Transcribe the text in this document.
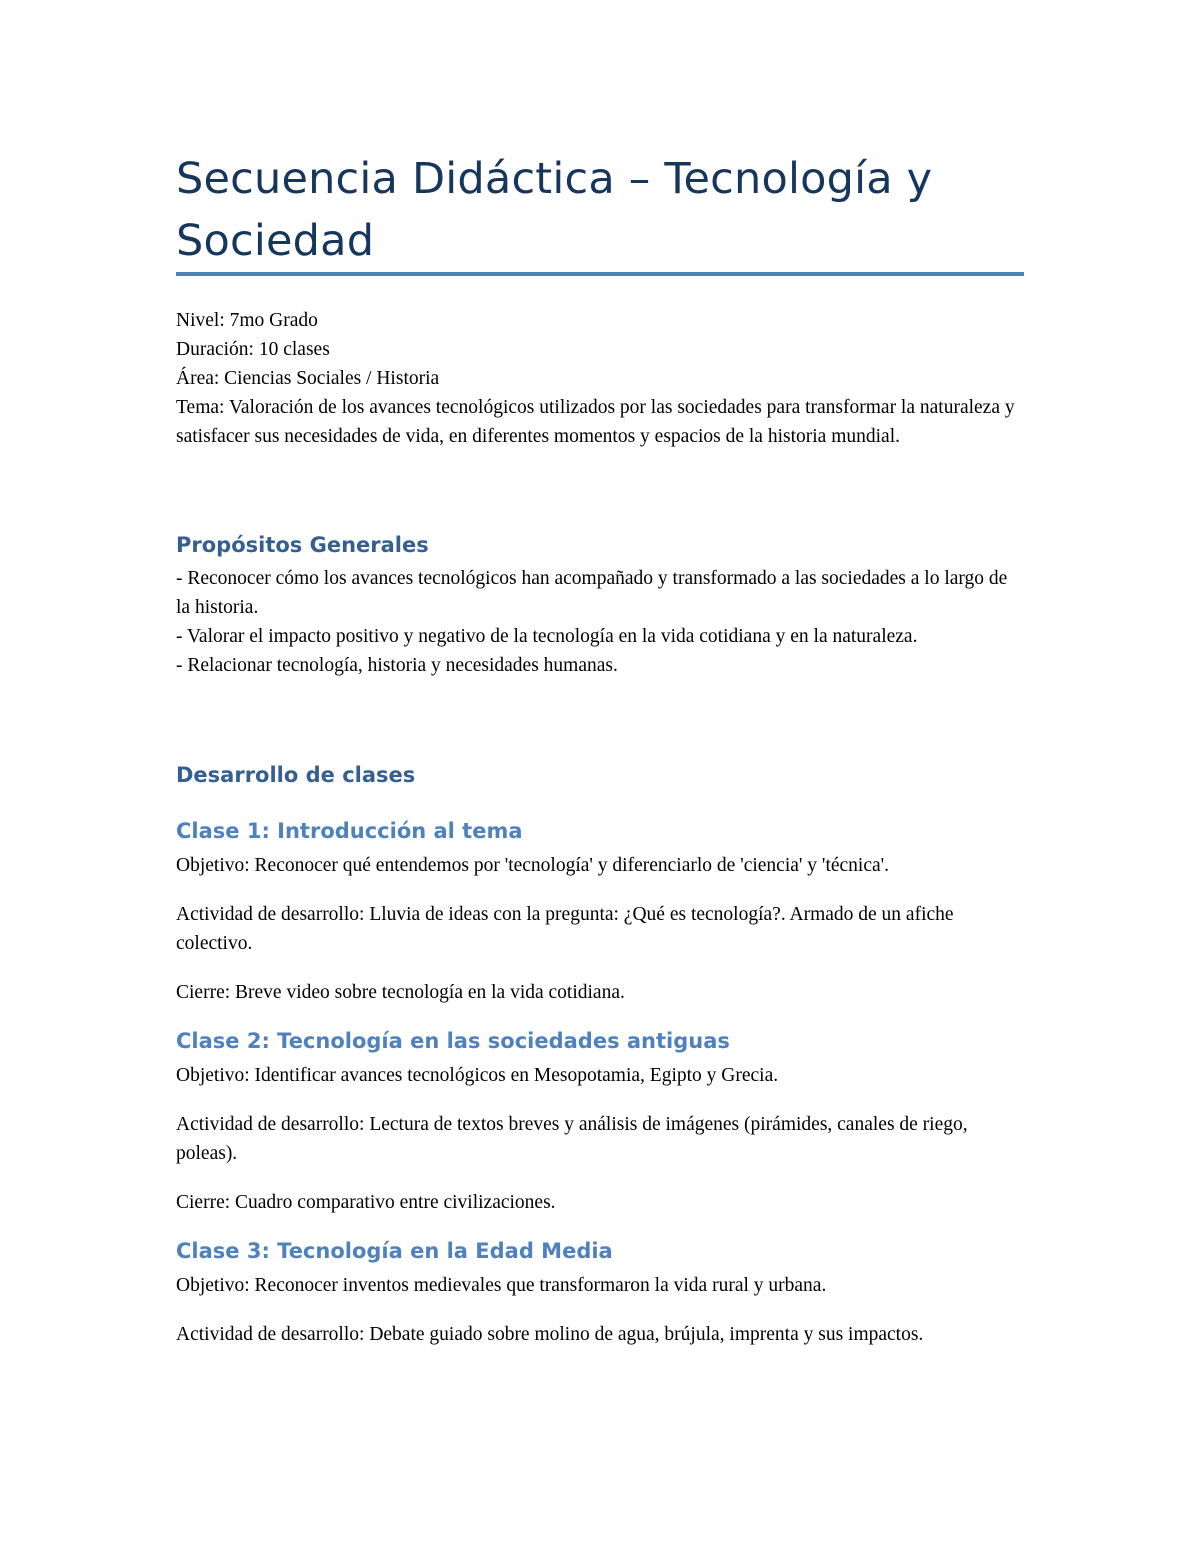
Secuencia Didáctica – Tecnología y Sociedad

Nivel: 7mo Grado

Duración: 10 clases

Área: Ciencias Sociales / Historia

Tema: Valoración de los avances tecnológicos utilizados por las sociedades para transformar la naturaleza y satisfacer sus necesidades de vida, en diferentes momentos y espacios de la historia mundial.

Propósitos Generales

- Reconocer cómo los avances tecnológicos han acompañado y transformado a las sociedades a lo largo de la historia.

- Valorar el impacto positivo y negativo de la tecnología en la vida cotidiana y en la naturaleza.

- Relacionar tecnología, historia y necesidades humanas.

Desarrollo de clases
Clase 1: Introducción al tema

Objetivo: Reconocer qué entendemos por 'tecnología' y diferenciarlo de 'ciencia' y 'técnica'.

Actividad de desarrollo: Lluvia de ideas con la pregunta: ¿Qué es tecnología?. Armado de un afiche colectivo.

Cierre: Breve video sobre tecnología en la vida cotidiana.

Clase 2: Tecnología en las sociedades antiguas

Objetivo: Identificar avances tecnológicos en Mesopotamia, Egipto y Grecia.

Actividad de desarrollo: Lectura de textos breves y análisis de imágenes (pirámides, canales de riego, poleas).

Cierre: Cuadro comparativo entre civilizaciones.

Clase 3: Tecnología en la Edad Media

Objetivo: Reconocer inventos medievales que transformaron la vida rural y urbana.

Actividad de desarrollo: Debate guiado sobre molino de agua, brújula, imprenta y sus impactos.
